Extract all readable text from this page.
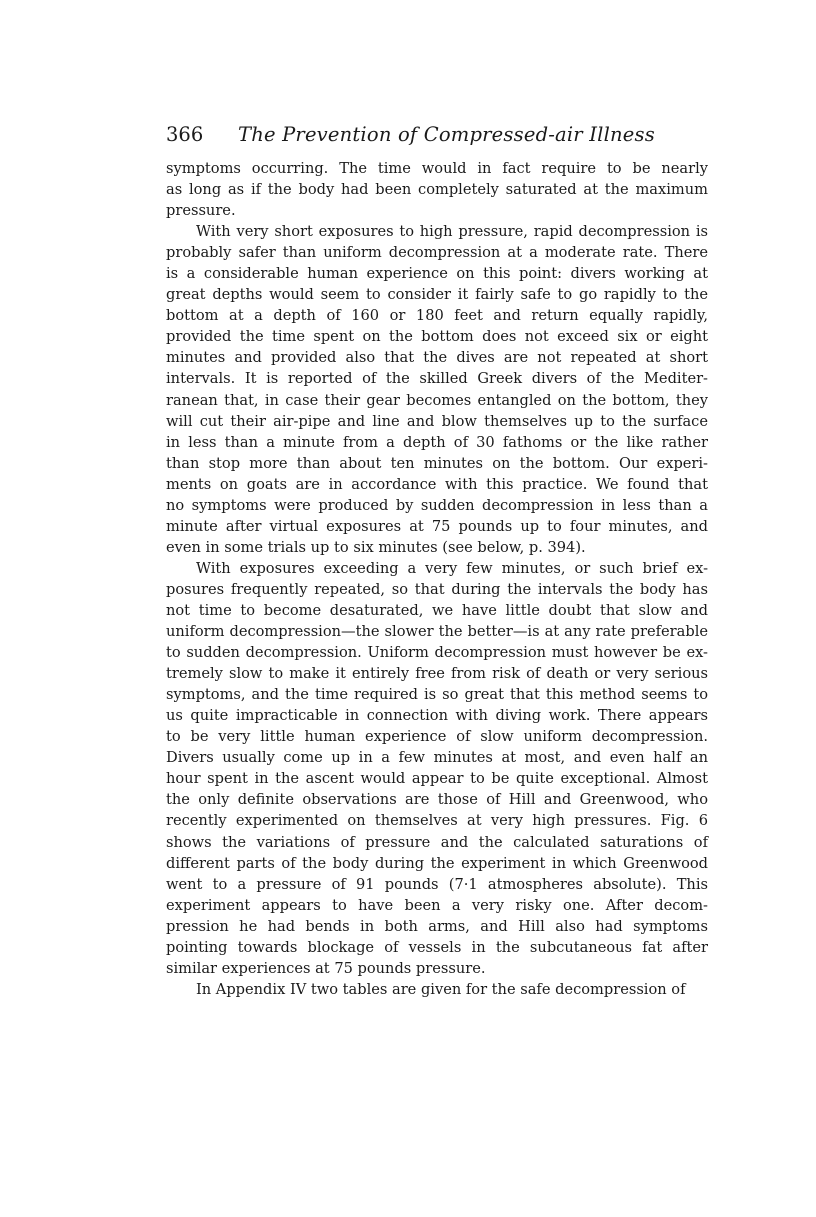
366 The Prevention of Compressed-air Illness
symptoms occurring. The time would in fact require to be nearly
as long as if the body had been completely saturated at the maximum
pressure.
With very short exposures to high pressure, rapid decompression is
probably safer than uniform decompression at a moderate rate. There
is a considerable human experience on this point: divers working at
great depths would seem to consider it fairly safe to go rapidly to the
bottom at a depth of 160 or 180 feet and return equally rapidly,
provided the time spent on the bottom does not exceed six or eight
minutes and provided also that the dives are not repeated at short
intervals. It is reported of the skilled Greek divers of the Mediter-
ranean that, in case their gear becomes entangled on the bottom, they
will cut their air-pipe and line and blow themselves up to the surface
in less than a minute from a depth of 30 fathoms or the like rather
than stop more than about ten minutes on the bottom. Our experi-
ments on goats are in accordance with this practice. We found that
no symptoms were produced by sudden decompression in less than a
minute after virtual exposures at 75 pounds up to four minutes, and
even in some trials up to six minutes (see below, p. 394).
With exposures exceeding a very few minutes, or such brief ex-
posures frequently repeated, so that during the intervals the body has
not time to become desaturated, we have little doubt that slow and
uniform decompression—the slower the better—is at any rate preferable
to sudden decompression. Uniform decompression must however be ex-
tremely slow to make it entirely free from risk of death or very serious
symptoms, and the time required is so great that this method seems to
us quite impracticable in connection with diving work. There appears
to be very little human experience of slow uniform decompression.
Divers usually come up in a few minutes at most, and even half an
hour spent in the ascent would appear to be quite exceptional. Almost
the only definite observations are those of Hill and Greenwood, who
recently experimented on themselves at very high pressures. Fig. 6
shows the variations of pressure and the calculated saturations of
different parts of the body during the experiment in which Greenwood
went to a pressure of 91 pounds (7·1 atmospheres absolute). This
experiment appears to have been a very risky one. After decom-
pression he had bends in both arms, and Hill also had symptoms
pointing towards blockage of vessels in the subcutaneous fat after
similar experiences at 75 pounds pressure.
In Appendix IV two tables are given for the safe decompression of
